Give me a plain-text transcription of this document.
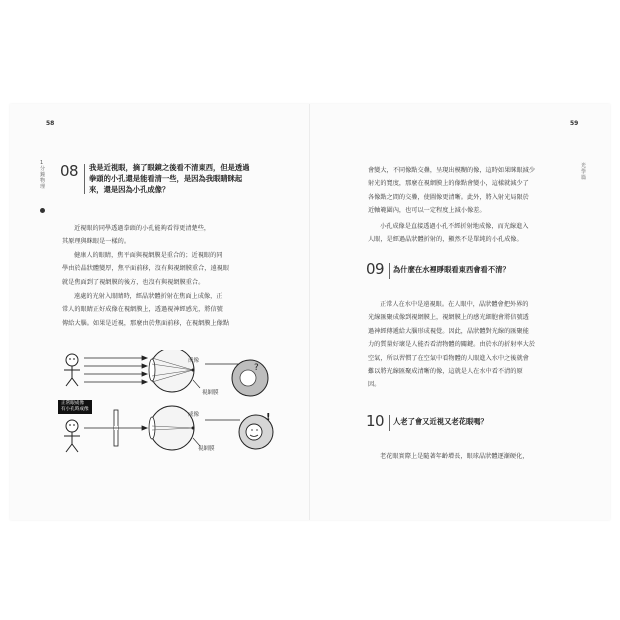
58
1分鐘物理
08 我是近視眼，摘了眼鏡之後看不清東西，但是透過
拳頭的小孔還是能看清一些，是因為我眼睛眯起
來，還是因為小孔成像？
近視眼的同學透過拳頭的小孔能夠看得更清楚些，
其原理與眯眼是一樣的。
健康人的眼睛，焦平面與視網膜是重合的；近視眼的同
學由於晶狀體變厚，焦平面前移，沒有與視網膜重合，遠視眼
就是焦面到了視網膜的後方，也沒有與視網膜重合。
遠處的光射入眼睛時，經晶狀體折射在焦面上成像，正
常人的眼睛正好成像在視網膜上，透過視神經感光，將信號
傳給大腦。如果是近視，那麼由於焦面前移，在視網膜上像點
?
!
成像
視網膜
成像
視網膜
正常眼成像
有小孔時成像
59
光學篇
會變大，不同像點交疊，呈現出模糊的像，這時如果眯眼減少
射光的寬度，那麼在視網膜上的像點會變小，這樣就減少了
各像點之間的交疊，使圖像更清晰。此外，將入射光局限於
近軸範圍內，也可以一定程度上減小像差。
小孔成像是直接透過小孔不經折射地成像，而光線進入
人眼，是經過晶狀體折射的，顯然不是單純的小孔成像。
09 為什麼在水裡睜眼看東西會看不清？
正常人在水中是遠視眼。在人眼中，晶狀體會把外界的
光線匯聚成像到視網膜上，視網膜上的感光細胞會將信號透
過神經傳遞給大腦形成視覺。因此，晶狀體對光線的匯聚能
力的質量好壞是人能否看清物體的關鍵。由於水的折射率大於
空氣，所以習慣了在空氣中看物體的人眼進入水中之後就會
難以將光線匯聚成清晰的像，這就是人在水中看不清的原
因。
10 人老了會又近視又老花眼嗎？
老花眼實際上是隨著年齡增長，眼球晶狀體逐漸硬化，
